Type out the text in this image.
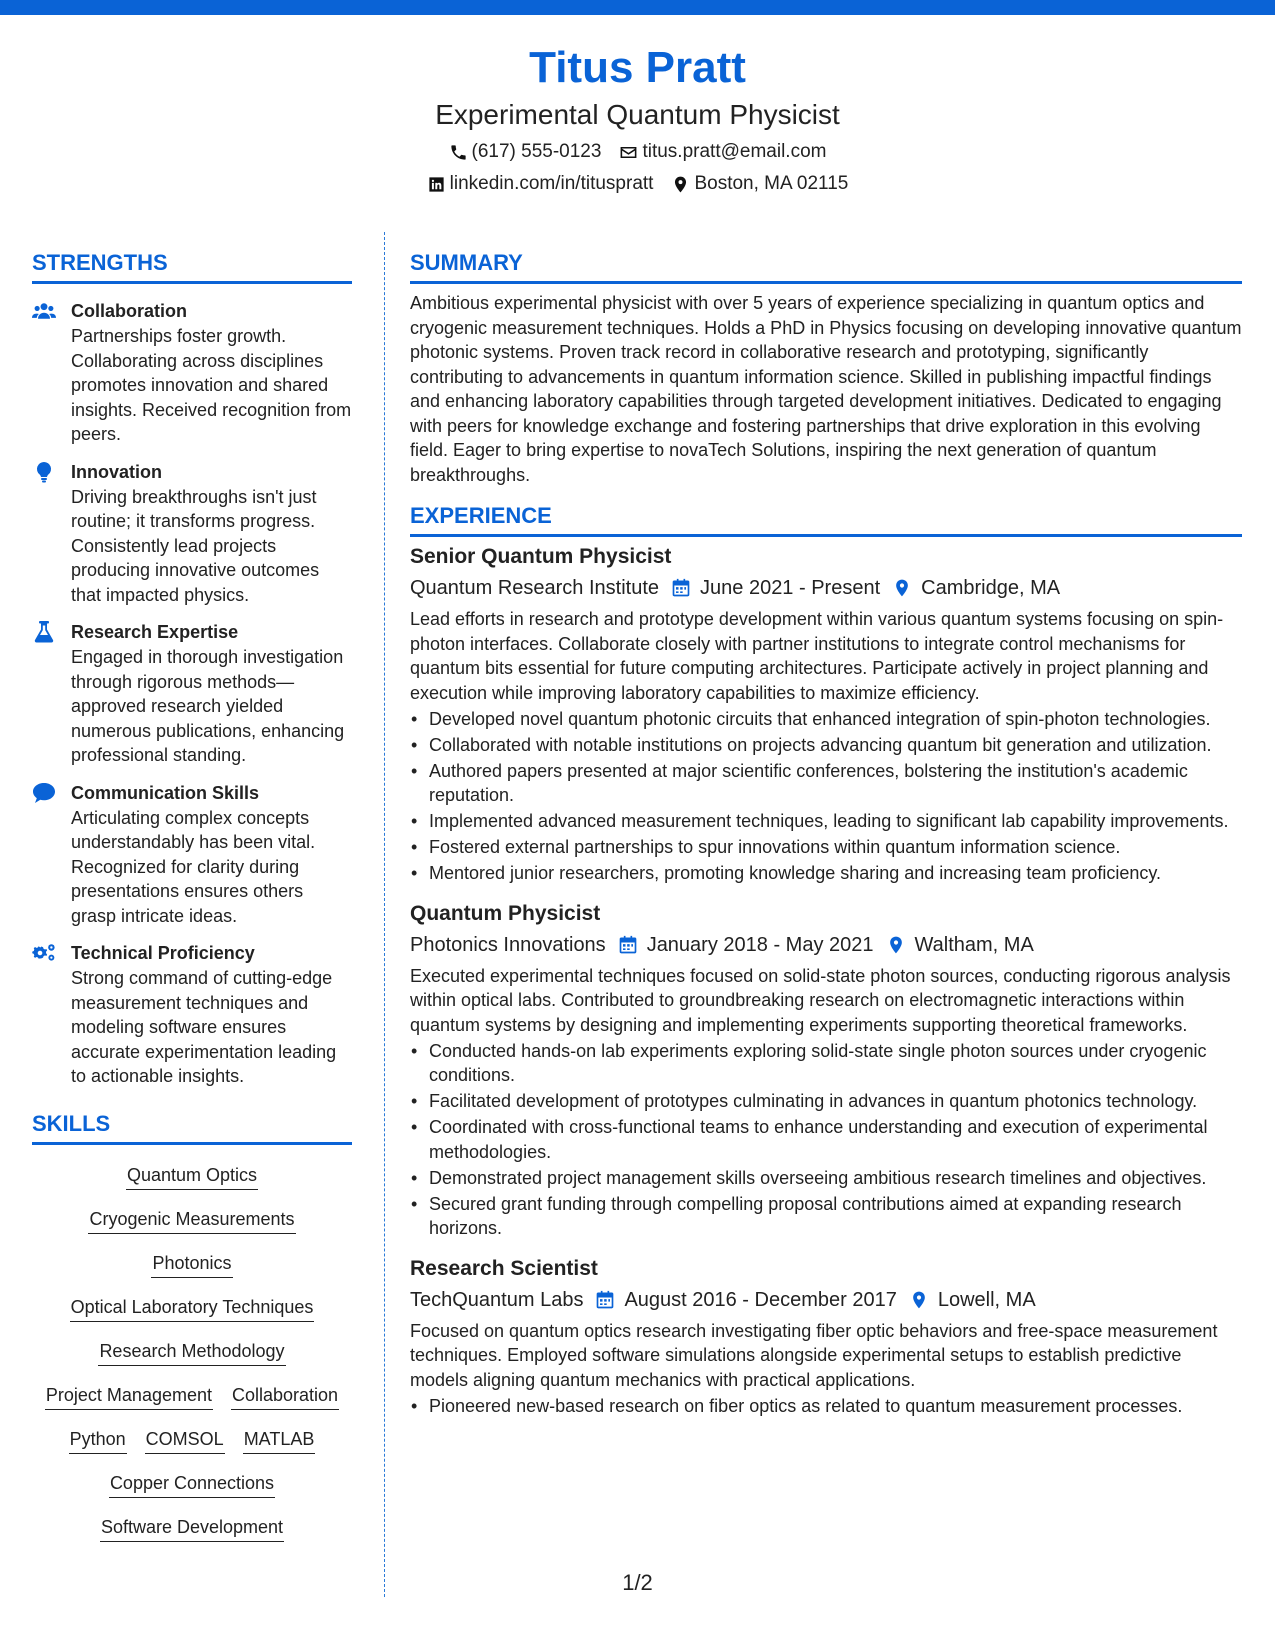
Titus Pratt
Experimental Quantum Physicist
(617) 555-0123 titus.pratt@email.com
linkedin.com/in/tituspratt Boston, MA 02115
STRENGTHS
Collaboration
Partnerships foster growth. Collaborating across disciplines promotes innovation and shared insights. Received recognition from peers.
Innovation
Driving breakthroughs isn't just routine; it transforms progress. Consistently lead projects producing innovative outcomes that impacted physics.
Research Expertise
Engaged in thorough investigation through rigorous methods—approved research yielded numerous publications, enhancing professional standing.
Communication Skills
Articulating complex concepts understandably has been vital. Recognized for clarity during presentations ensures others grasp intricate ideas.
Technical Proficiency
Strong command of cutting-edge measurement techniques and modeling software ensures accurate experimentation leading to actionable insights.
SKILLS
Quantum Optics
Cryogenic Measurements
Photonics
Optical Laboratory Techniques
Research Methodology
Project Management Collaboration
Python COMSOL MATLAB
Copper Connections
Software Development
SUMMARY

Ambitious experimental physicist with over 5 years of experience specializing in quantum optics and cryogenic measurement techniques. Holds a PhD in Physics focusing on developing innovative quantum photonic systems. Proven track record in collaborative research and prototyping, significantly contributing to advancements in quantum information science. Skilled in publishing impactful findings and enhancing laboratory capabilities through targeted development initiatives. Dedicated to engaging with peers for knowledge exchange and fostering partnerships that drive exploration in this evolving field. Eager to bring expertise to novaTech Solutions, inspiring the next generation of quantum breakthroughs.

EXPERIENCE
Senior Quantum Physicist
Quantum Research Institute June 2021 - Present Cambridge, MA

Lead efforts in research and prototype development within various quantum systems focusing on spin-photon interfaces. Collaborate closely with partner institutions to integrate control mechanisms for quantum bits essential for future computing architectures. Participate actively in project planning and execution while improving laboratory capabilities to maximize efficiency.

• Developed novel quantum photonic circuits that enhanced integration of spin-photon technologies.
• Collaborated with notable institutions on projects advancing quantum bit generation and utilization.
• Authored papers presented at major scientific conferences, bolstering the institution's academic reputation.
• Implemented advanced measurement techniques, leading to significant lab capability improvements.
• Fostered external partnerships to spur innovations within quantum information science.
• Mentored junior researchers, promoting knowledge sharing and increasing team proficiency.
Quantum Physicist
Photonics Innovations January 2018 - May 2021 Waltham, MA

Executed experimental techniques focused on solid-state photon sources, conducting rigorous analysis within optical labs. Contributed to groundbreaking research on electromagnetic interactions within quantum systems by designing and implementing experiments supporting theoretical frameworks.

• Conducted hands-on lab experiments exploring solid-state single photon sources under cryogenic conditions.
• Facilitated development of prototypes culminating in advances in quantum photonics technology.
• Coordinated with cross-functional teams to enhance understanding and execution of experimental methodologies.
• Demonstrated project management skills overseeing ambitious research timelines and objectives.
• Secured grant funding through compelling proposal contributions aimed at expanding research horizons.
Research Scientist
TechQuantum Labs August 2016 - December 2017 Lowell, MA

Focused on quantum optics research investigating fiber optic behaviors and free-space measurement techniques. Employed software simulations alongside experimental setups to establish predictive models aligning quantum mechanics with practical applications.

• Pioneered new-based research on fiber optics as related to quantum measurement processes.
1/2
